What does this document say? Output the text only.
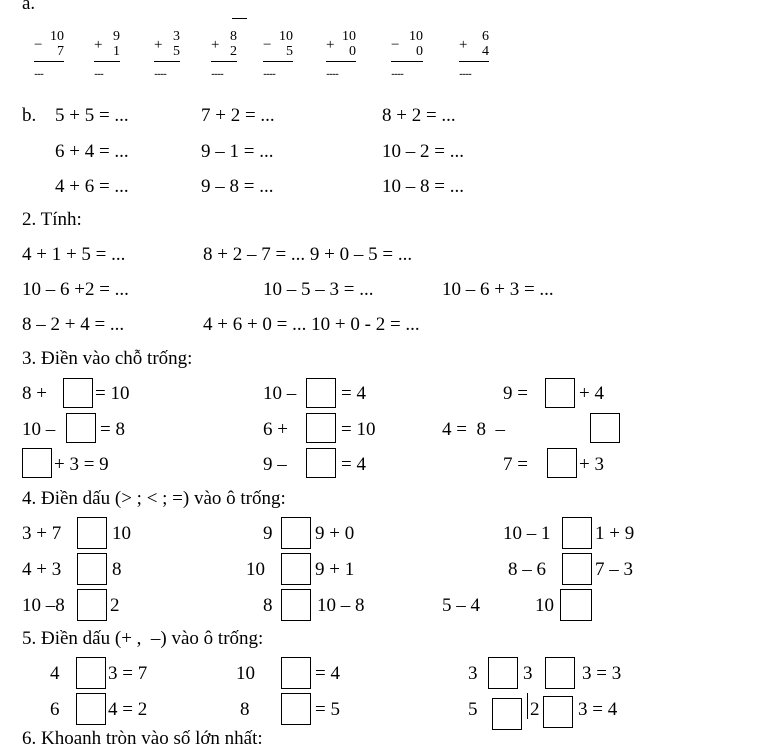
a.
−
10
7
......
+
9
1
......
+
3
5
........
+
8
2
........
−
10
5
........
+
10
0
........
−
10
0
........
+
6
4
........
b. 5 + 5 = ...	7 + 2 = ...	8 + 2 = ...
6 + 4 = ...	9 – 1 = ...	10 – 2 = ...
4 + 6 = ...	9 – 8 = ...	10 – 8 = ...
2. Tính:
4 + 1 + 5 = ...	8 + 2 – 7 = ... 9 + 0 – 5 = ...
10 – 6 +2 = ...	10 – 5 – 3 = ...	10 – 6 + 3 = ...
8 – 2 + 4 = ...	4 + 6 + 0 = ... 10 + 0 - 2 = ...
3. Điền vào chỗ trống:
8 +	= 10	10 – = 4	9 =	+ 4
10 – = 8	6 +	= 10	4 =  8  –
+ 3 = 9	9 –	= 4	7 =	+ 3
4. Điền dấu (> ; < ; =) vào ô trống:
3 + 7	10	9 9 + 0	10 – 1 1 + 9
4 + 3	8	10	9 + 1	8 – 6	7 – 3
10 –8 2	8 10 – 8	5 – 4	10
5. Điền dấu (+ ,  –) vào ô trống:
4	3 = 7	10	= 4	3 3	3 = 3
6	4 = 2	8	= 5	5	2 3 = 4
6. Khoanh tròn vào số lớn nhất:
